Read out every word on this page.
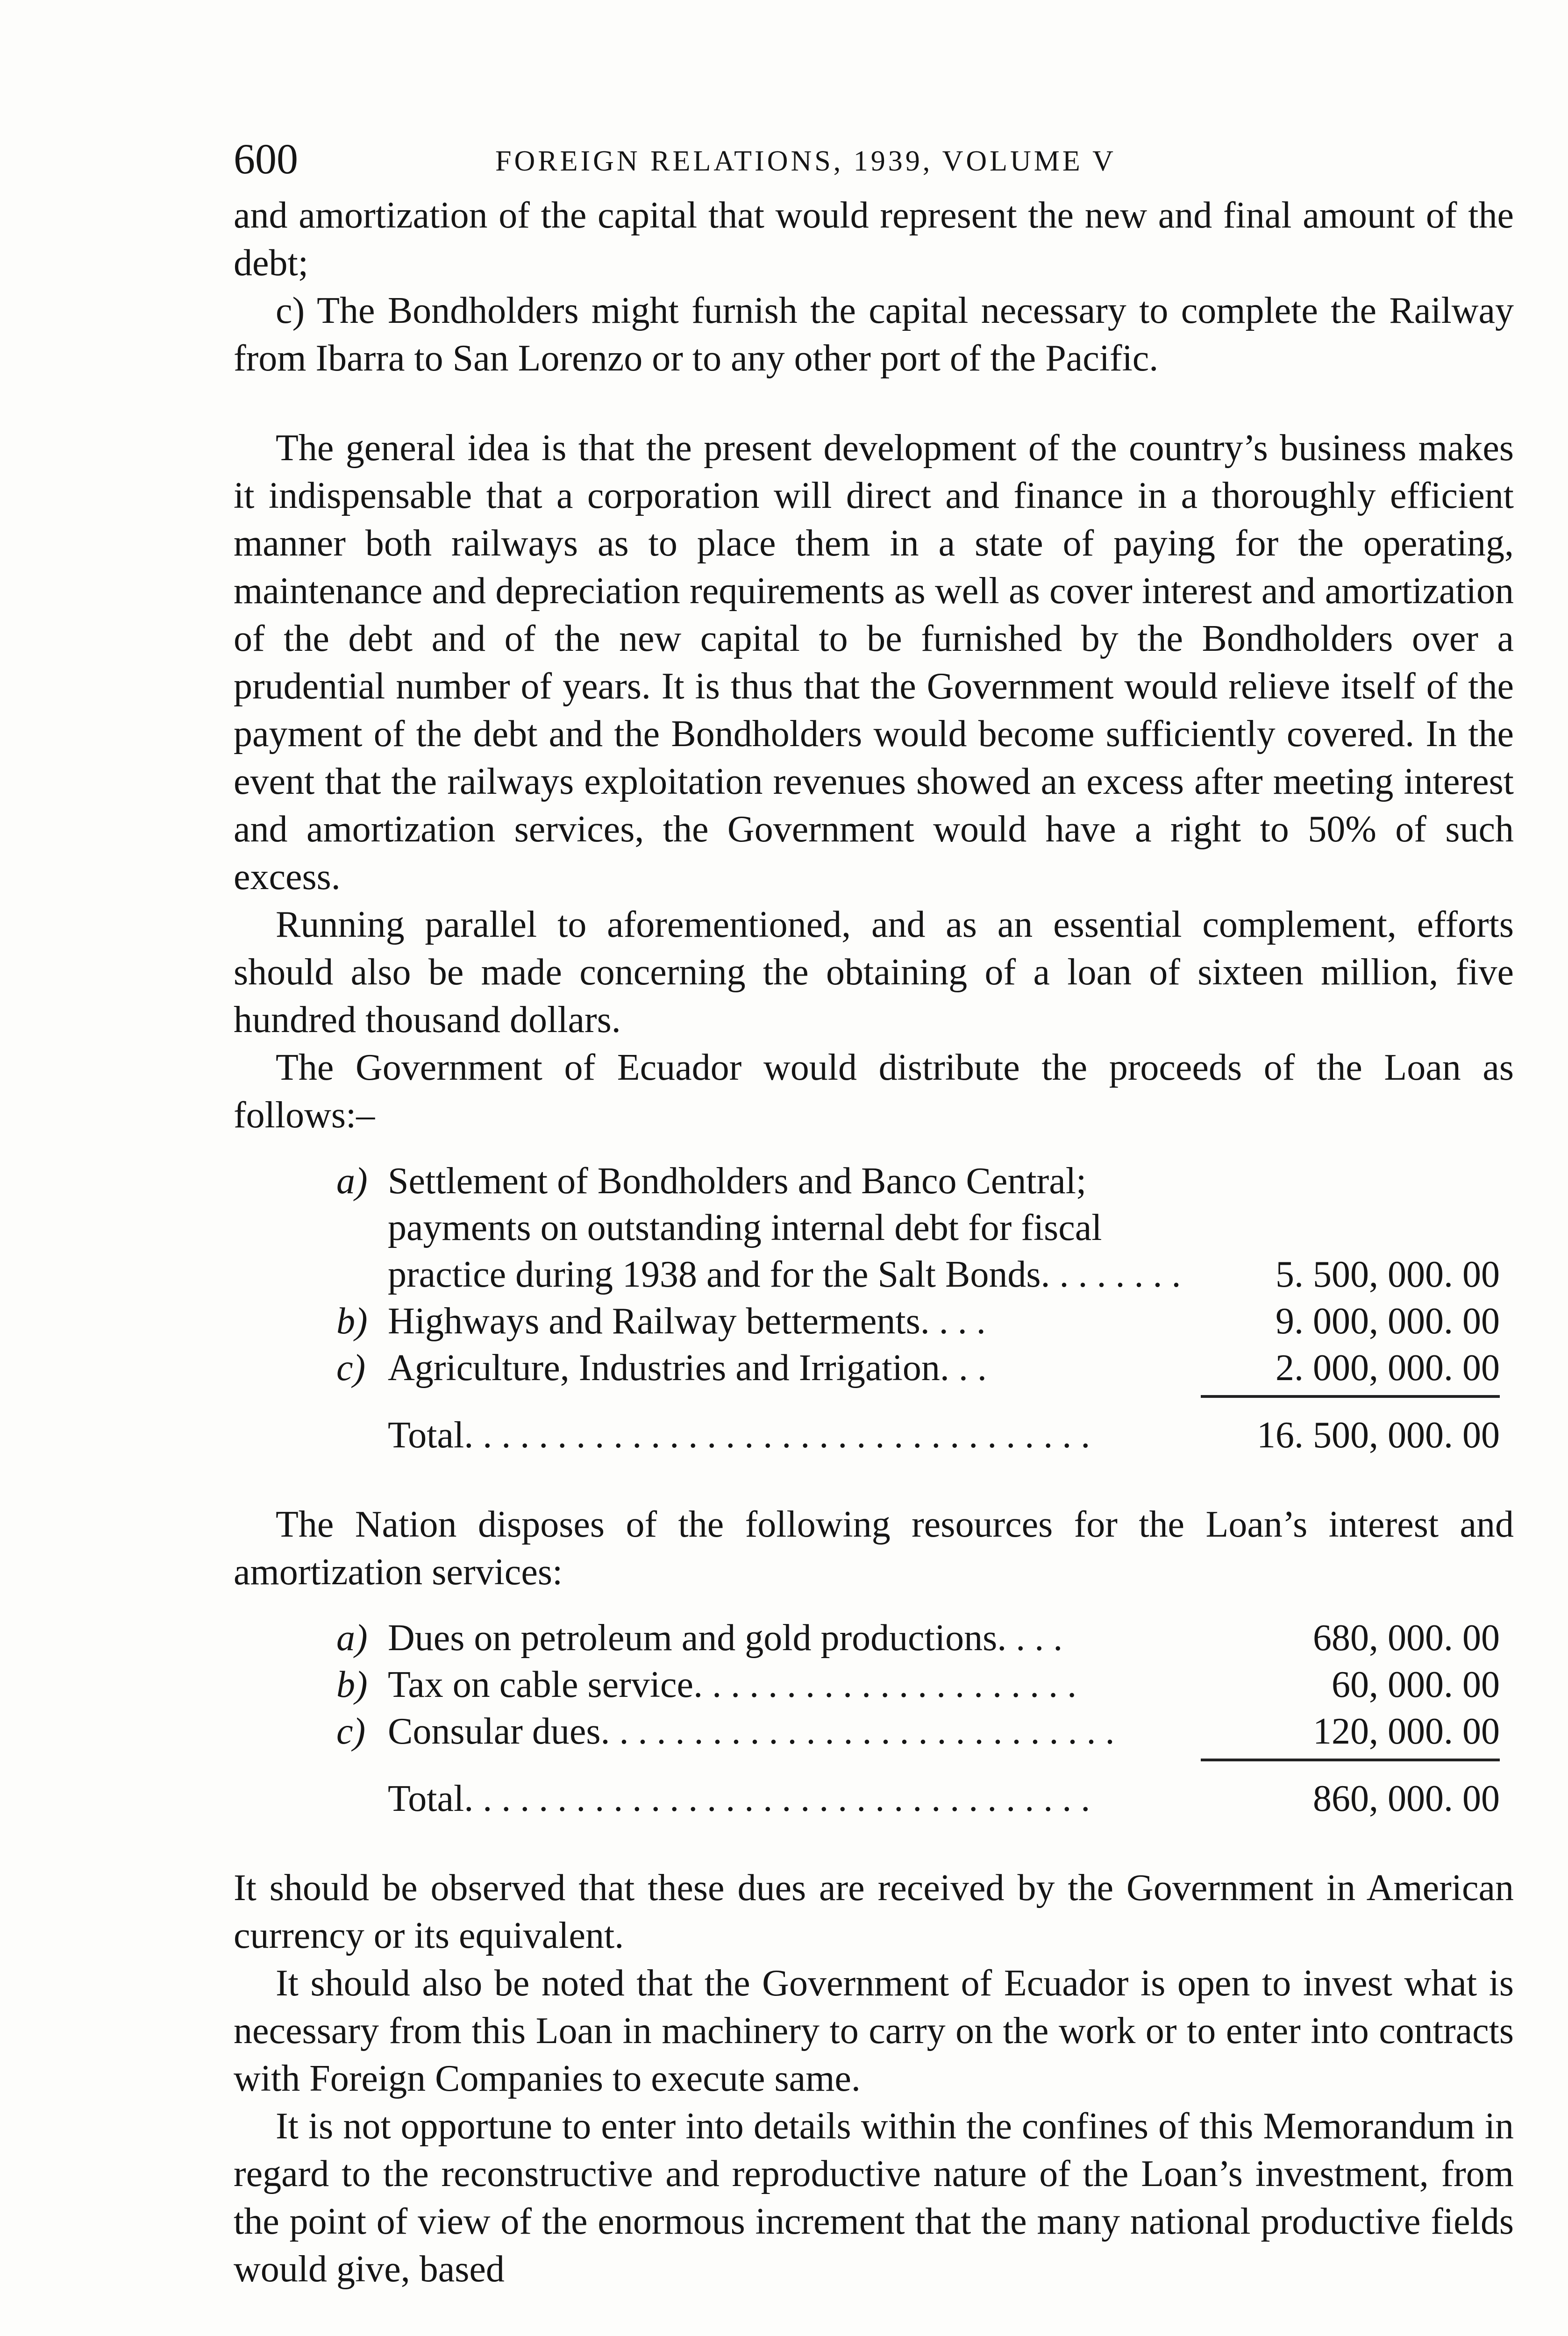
600	FOREIGN RELATIONS, 1939, VOLUME V

and amortization of the capital that would represent the new and final amount of the debt;

c) The Bondholders might furnish the capital necessary to complete the Railway from Ibarra to San Lorenzo or to any other port of the Pacific.

The general idea is that the present development of the country’s business makes it indispensable that a corporation will direct and finance in a thoroughly efficient manner both railways as to place them in a state of paying for the operating, maintenance and depreciation requirements as well as cover interest and amortization of the debt and of the new capital to be furnished by the Bondholders over a prudential number of years. It is thus that the Government would relieve itself of the payment of the debt and the Bondholders would become sufficiently covered. In the event that the railways exploitation revenues showed an excess after meeting interest and amortization services, the Government would have a right to 50% of such excess.

Running parallel to aforementioned, and as an essential complement, efforts should also be made concerning the obtaining of a loan of sixteen million, five hundred thousand dollars.

The Government of Ecuador would distribute the proceeds of the Loan as follows:–

a)	Settlement of Bondholders and Banco Central; payments on outstanding internal debt for fiscal practice during 1938 and for the Salt Bonds. . . . . . . .	5. 500, 000. 00
b)	Highways and Railway betterments. . . .	9. 000, 000. 00
c)	Agriculture, Industries and Irrigation. . .	2. 000, 000. 00

	Total. . . . . . . . . . . . . . . . . . . . . . . . . . . . . . . . . .	16. 500, 000. 00

The Nation disposes of the following resources for the Loan’s interest and amortization services:

a)	Dues on petroleum and gold productions. . . .	680, 000. 00
b)	Tax on cable service. . . . . . . . . . . . . . . . . . . . .	60, 000. 00
c)	Consular dues. . . . . . . . . . . . . . . . . . . . . . . . . . . .	120, 000. 00

	Total. . . . . . . . . . . . . . . . . . . . . . . . . . . . . . . . . .	860, 000. 00

It should be observed that these dues are received by the Government in American currency or its equivalent.

It should also be noted that the Government of Ecuador is open to invest what is necessary from this Loan in machinery to carry on the work or to enter into contracts with Foreign Companies to execute same.

It is not opportune to enter into details within the confines of this Memorandum in regard to the reconstructive and reproductive nature of the Loan’s investment, from the point of view of the enormous increment that the many national productive fields would give, based
